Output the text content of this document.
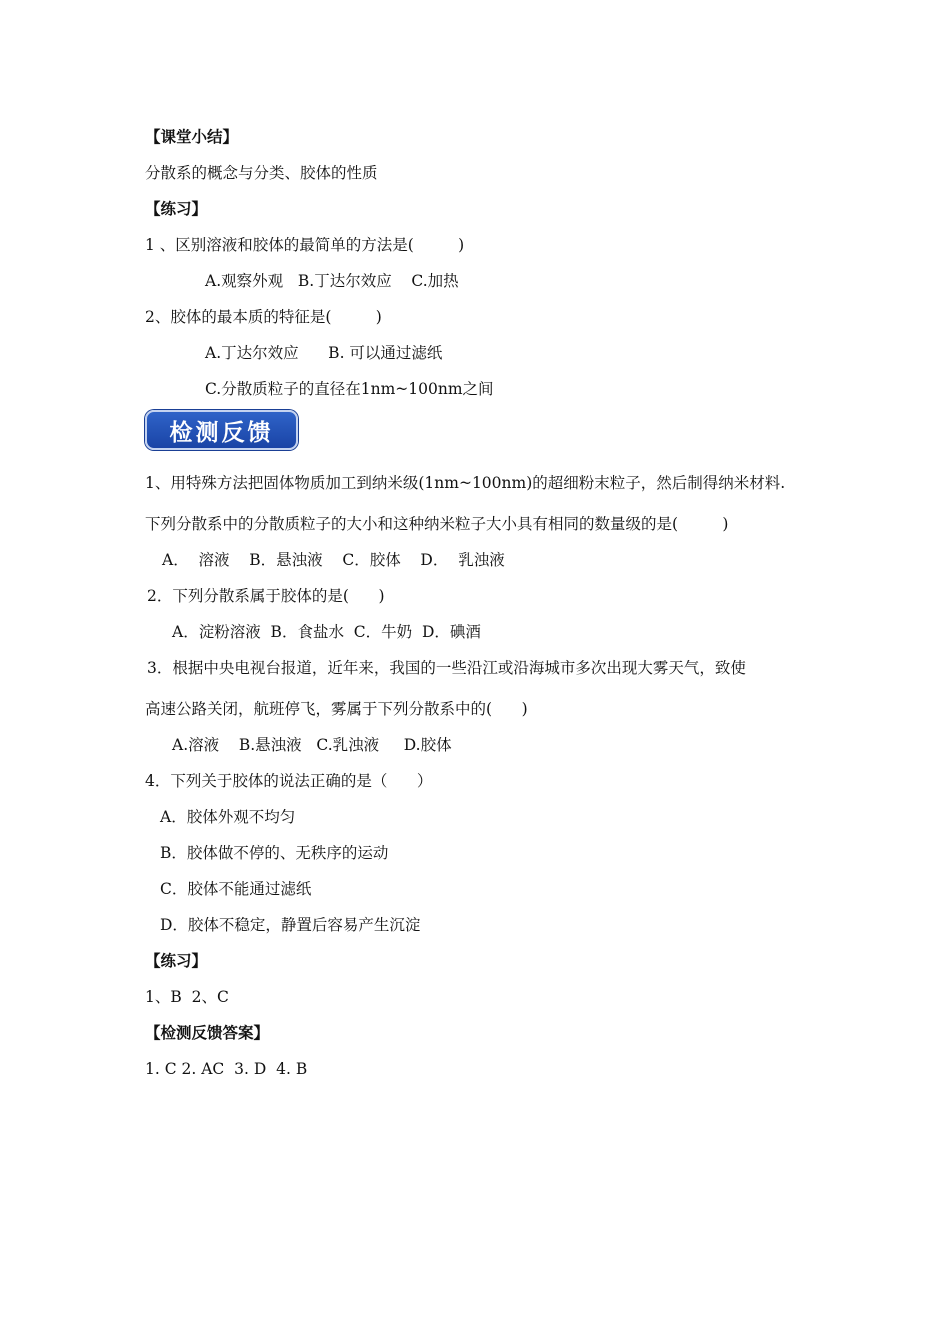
【课堂小结】
分散系的概念与分类、胶体的性质
【练习】
1 、区别溶液和胶体的最简单的方法是(         )
A.观察外观   B.丁达尔效应    C.加热
2、胶体的最本质的特征是(         )
A.丁达尔效应      B. 可以通过滤纸
C.分散质粒子的直径在1nm~100nm之间
检测反馈
1、用特殊方法把固体物质加工到纳米级(1nm~100nm)的超细粉末粒子，然后制得纳米材料.
下列分散系中的分散质粒子的大小和这种纳米粒子大小具有相同的数量级的是(         )
A．  溶液    B．悬浊液    C．胶体    D．  乳浊液
2．下列分散系属于胶体的是(      )
A．淀粉溶液  B．食盐水  C．牛奶  D．碘酒
3．根据中央电视台报道，近年来，我国的一些沿江或沿海城市多次出现大雾天气，致使
高速公路关闭，航班停飞，雾属于下列分散系中的(      )
A.溶液    B.悬浊液   C.乳浊液     D.胶体
4．下列关于胶体的说法正确的是（      ）
A．胶体外观不均匀
B．胶体做不停的、无秩序的运动
C．胶体不能通过滤纸
D．胶体不稳定，静置后容易产生沉淀
【练习】
1、B  2、C
【检测反馈答案】
1. C 2. AC  3. D  4. B
